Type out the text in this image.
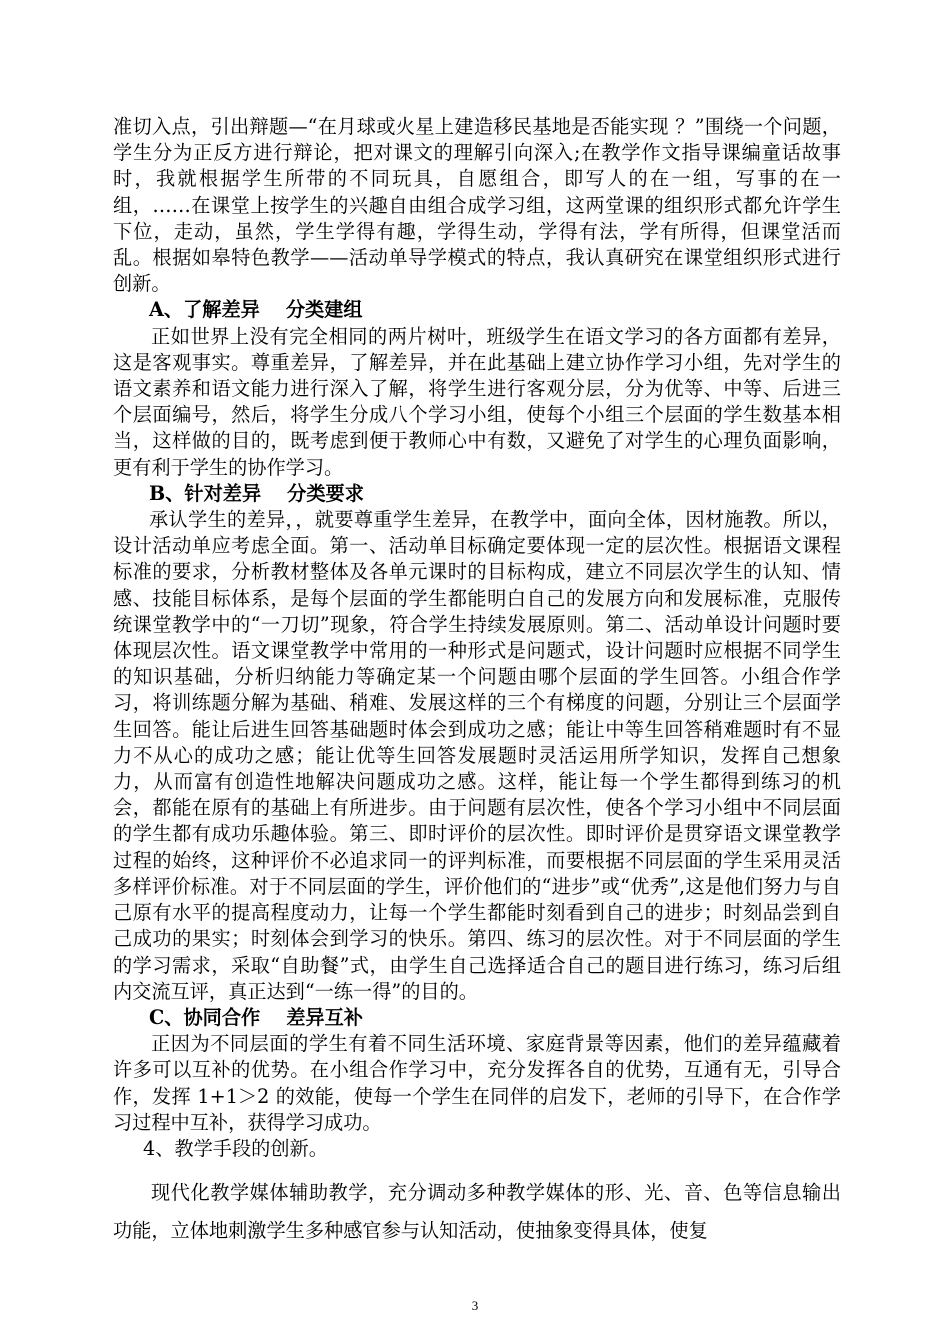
准切入点，引出辩题—“在月球或火星上建造移民基地是否能实现 ？”围绕一个问题，学生分为正反方进行辩论，把对课文的理解引向深入;在教学作文指导课编童话故事时，我就根据学生所带的不同玩具，自愿组合，即写人的在一组，写事的在一组，……在课堂上按学生的兴趣自由组合成学习组，这两堂课的组织形式都允许学生下位，走动，虽然，学生学得有趣，学得生动，学得有法，学有所得，但课堂活而乱。根据如皋特色教学——活动单导学模式的特点，我认真研究在课堂组织形式进行创新。

A、了解差异 分类建组

正如世界上没有完全相同的两片树叶，班级学生在语文学习的各方面都有差异，这是客观事实。尊重差异，了解差异，并在此基础上建立协作学习小组，先对学生的语文素养和语文能力进行深入了解，将学生进行客观分层，分为优等、中等、后进三个层面编号，然后，将学生分成八个学习小组，使每个小组三个层面的学生数基本相当，这样做的目的，既考虑到便于教师心中有数，又避免了对学生的心理负面影响，更有利于学生的协作学习。

B、针对差异 分类要求

承认学生的差异，，就要尊重学生差异，在教学中，面向全体，因材施教。所以，设计活动单应考虑全面。第一、活动单目标确定要体现一定的层次性。根据语文课程标准的要求，分析教材整体及各单元课时的目标构成，建立不同层次学生的认知、情感、技能目标体系，是每个层面的学生都能明白自己的发展方向和发展标准，克服传统课堂教学中的“一刀切”现象，符合学生持续发展原则。第二、活动单设计问题时要体现层次性。语文课堂教学中常用的一种形式是问题式，设计问题时应根据不同学生的知识基础，分析归纳能力等确定某一个问题由哪个层面的学生回答。小组合作学习，将训练题分解为基础、稍难、发展这样的三个有梯度的问题，分别让三个层面学生回答。能让后进生回答基础题时体会到成功之感；能让中等生回答稍难题时有不显力不从心的成功之感；能让优等生回答发展题时灵活运用所学知识，发挥自己想象力，从而富有创造性地解决问题成功之感。这样，能让每一个学生都得到练习的机会，都能在原有的基础上有所进步。由于问题有层次性，使各个学习小组中不同层面的学生都有成功乐趣体验。第三、即时评价的层次性。即时评价是贯穿语文课堂教学过程的始终，这种评价不必追求同一的评判标准，而要根据不同层面的学生采用灵活多样评价标准。对于不同层面的学生，评价他们的“进步”或“优秀”,这是他们努力与自己原有水平的提高程度动力，让每一个学生都能时刻看到自己的进步；时刻品尝到自己成功的果实；时刻体会到学习的快乐。第四、练习的层次性。对于不同层面的学生的学习需求，采取“自助餐”式，由学生自己选择适合自己的题目进行练习，练习后组内交流互评，真正达到“一练一得”的目的。

C、协同合作 差异互补

正因为不同层面的学生有着不同生活环境、家庭背景等因素，他们的差异蕴藏着许多可以互补的优势。在小组合作学习中，充分发挥各自的优势，互通有无，引导合作，发挥 1+1＞2 的效能，使每一个学生在同伴的启发下，老师的引导下，在合作学习过程中互补，获得学习成功。

4、教学手段的创新。

现代化教学媒体辅助教学，充分调动多种教学媒体的形、光、音、色等信息输出功能，立体地刺激学生多种感官参与认知活动，使抽象变得具体，使复

3
